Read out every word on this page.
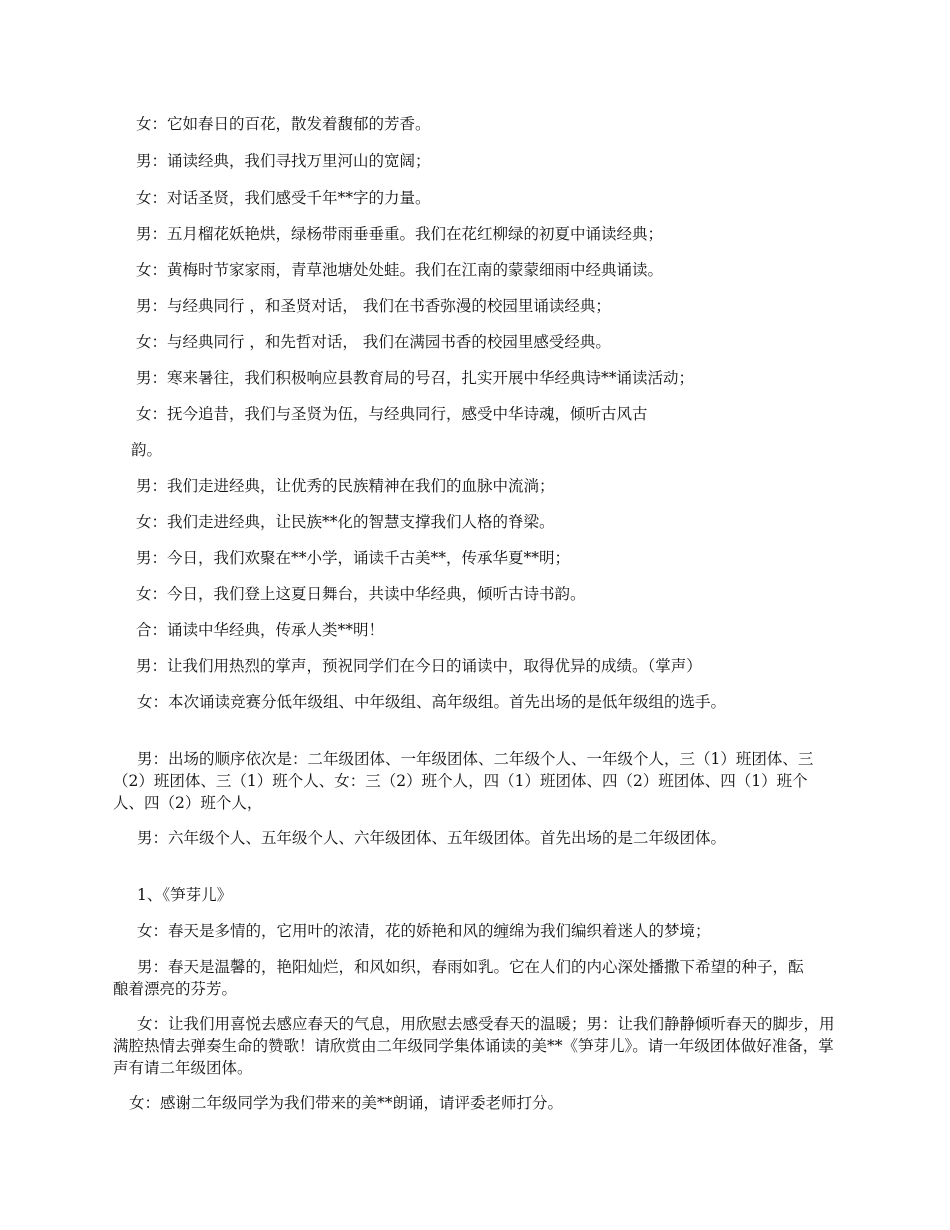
女：它如春日的百花，散发着馥郁的芳香。
男：诵读经典，我们寻找万里河山的宽阔；
女：对话圣贤，我们感受千年**字的力量。
男：五月榴花妖艳烘，绿杨带雨垂垂重。我们在花红柳绿的初夏中诵读经典；
女：黄梅时节家家雨，青草池塘处处蛙。我们在江南的蒙蒙细雨中经典诵读。
男：与经典同行 ，和圣贤对话， 我们在书香弥漫的校园里诵读经典；
女：与经典同行 ，和先哲对话， 我们在满园书香的校园里感受经典。
男：寒来暑往，我们积极响应县教育局的号召，扎实开展中华经典诗**诵读活动；
女：抚今追昔，我们与圣贤为伍，与经典同行，感受中华诗魂，倾听古风古
韵。
男：我们走进经典，让优秀的民族精神在我们的血脉中流淌；
女：我们走进经典，让民族**化的智慧支撑我们人格的脊梁。
男：今日，我们欢聚在**小学，诵读千古美**，传承华夏**明；
女：今日，我们登上这夏日舞台，共读中华经典，倾听古诗书韵。
合：诵读中华经典，传承人类**明！
男：让我们用热烈的掌声，预祝同学们在今日的诵读中，取得优异的成绩。（掌声）
女：本次诵读竞赛分低年级组、中年级组、高年级组。首先出场的是低年级组的选手。
男：出场的顺序依次是：二年级团体、一年级团体、二年级个人、一年级个人，三（1）班团体、三（2）班团体、三（1）班个人、女：三（2）班个人，四（1）班团体、四（2）班团体、四（1）班个人、四（2）班个人，
男：六年级个人、五年级个人、六年级团体、五年级团体。首先出场的是二年级团体。
1、《笋芽儿》
女：春天是多情的，它用叶的浓清，花的娇艳和风的缠绵为我们编织着迷人的梦境；
男：春天是温馨的，艳阳灿烂，和风如织，春雨如乳。它在人们的内心深处播撒下希望的种子，酝酿着漂亮的芬芳。
女：让我们用喜悦去感应春天的气息，用欣慰去感受春天的温暖；男：让我们静静倾听春天的脚步，用满腔热情去弹奏生命的赞歌！请欣赏由二年级同学集体诵读的美**《笋芽儿》。请一年级团体做好准备，掌声有请二年级团体。
女：感谢二年级同学为我们带来的美**朗诵，请评委老师打分。
